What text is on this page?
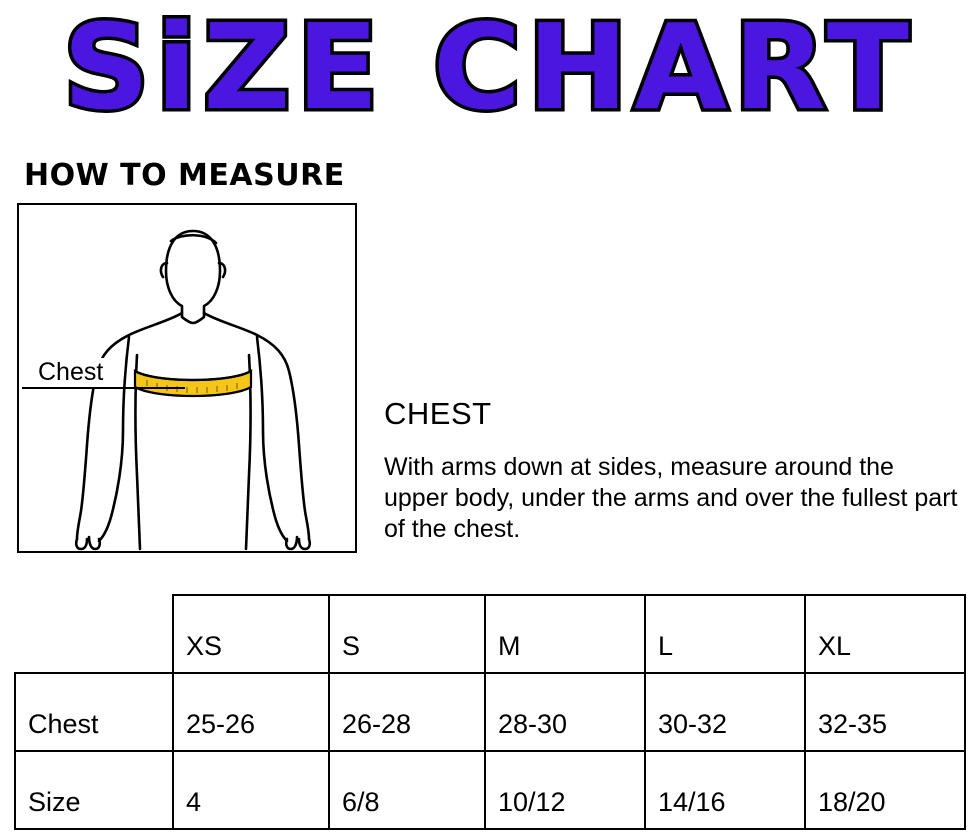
SiZE CHART
HOW TO MEASURE
Chest
CHEST
With arms down at sides, measure around the upper body, under the arms and over the fullest part of the chest.
	XS	S	M	L	XL
Chest	25-26	26-28	28-30	30-32	32-35
Size	4	6/8	10/12	14/16	18/20
